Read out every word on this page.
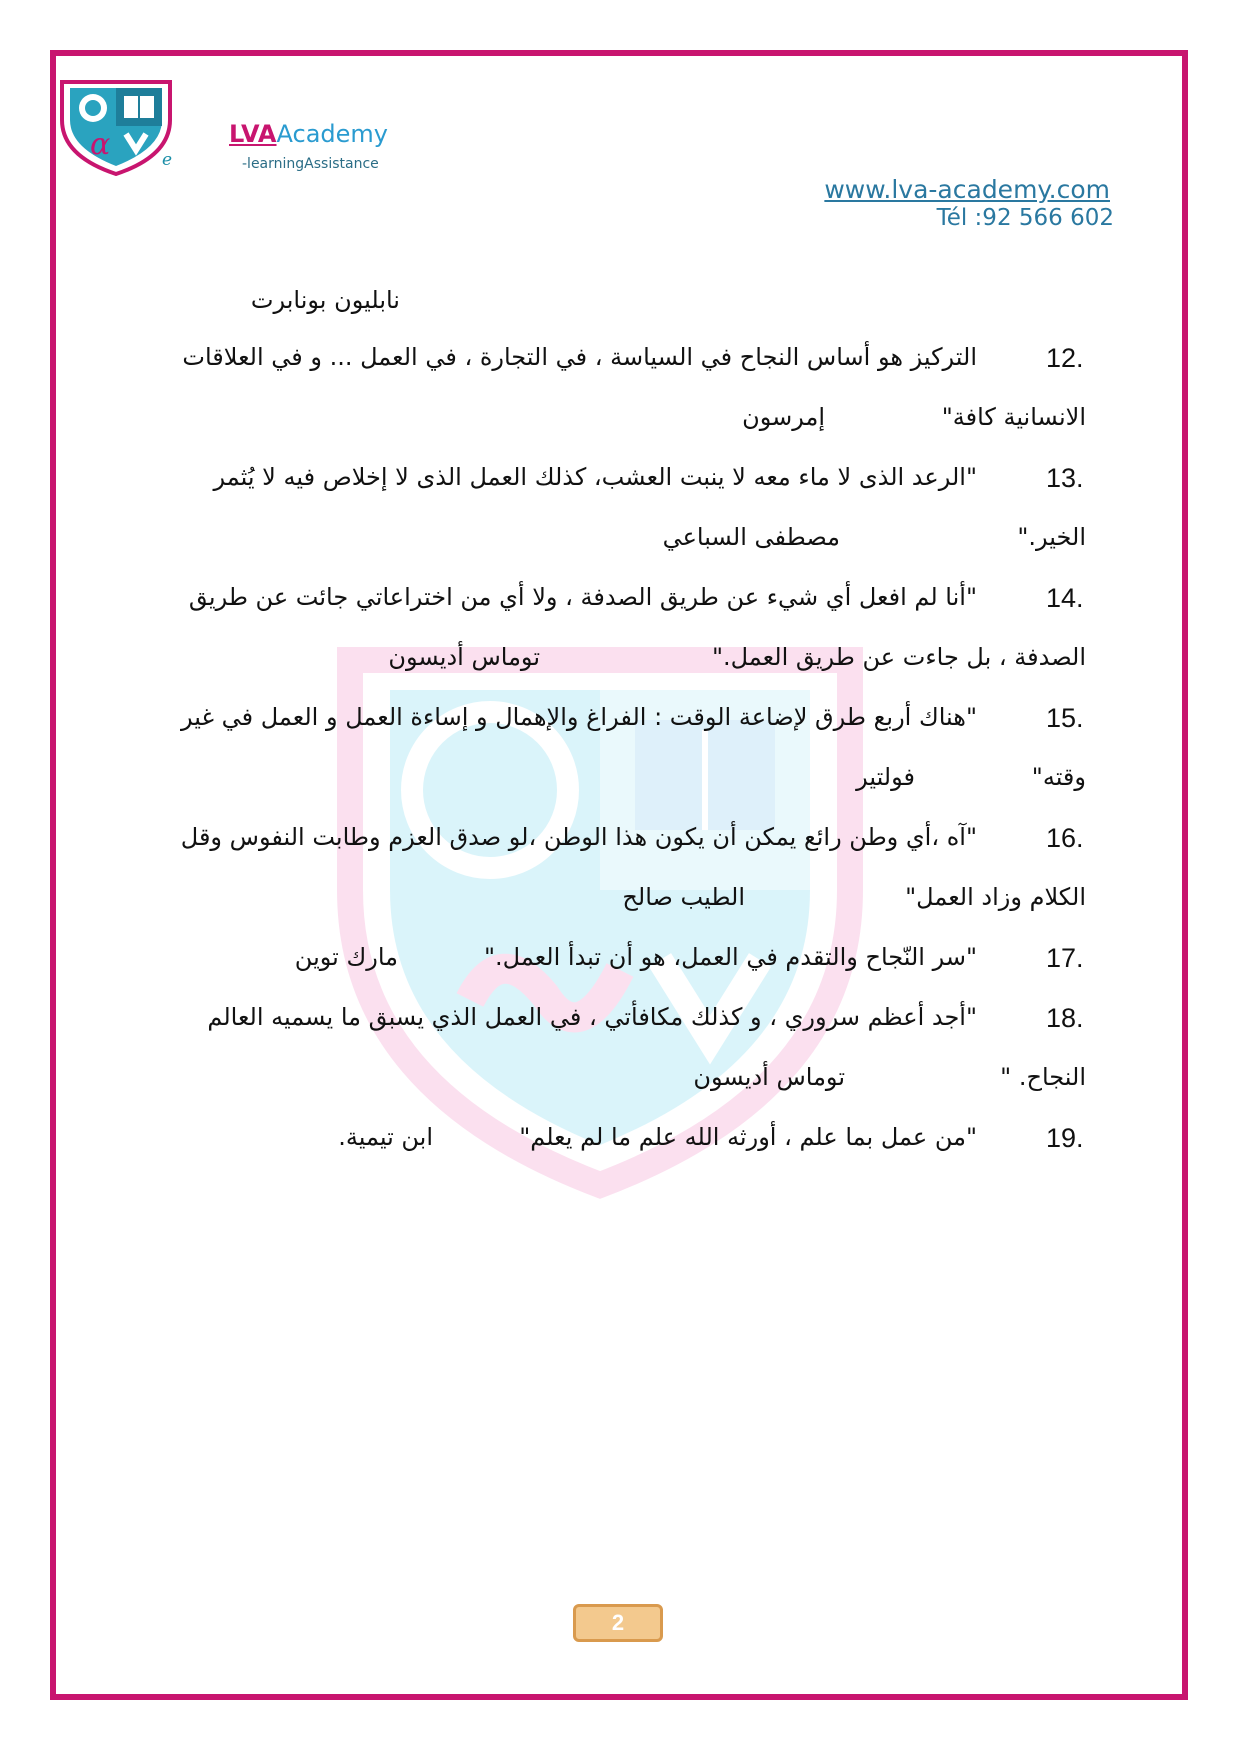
α	e
LVAAcademy
-learningAssistance
www.lva-academy.com
Tél :92 566 602
نابليون بونابرت
12.
التركيز هو أساس النجاح في السياسة ، في التجارة ، في العمل ... و في العلاقات
الانسانية كافة"
إمرسون
13.
"الرعد الذى لا ماء معه لا ينبت العشب، كذلك العمل الذى لا إخلاص فيه لا يُثمر
الخير."
مصطفى السباعي
14.
"أنا لم افعل أي شيء عن طريق الصدفة ، ولا أي من اختراعاتي جائت عن طريق
الصدفة ، بل جاءت عن طريق العمل."
توماس أديسون
15.
"هناك أربع طرق لإضاعة الوقت : الفراغ والإهمال و إساءة العمل و العمل في غير
وقته"
فولتير
16.
"آه ،أي وطن رائع يمكن أن يكون هذا الوطن ،لو صدق العزم وطابت النفوس وقل
الكلام وزاد العمل"
الطيب صالح
17.
"سر النّجاح والتقدم في العمل، هو أن تبدأ العمل."
مارك توين
18.
"أجد أعظم سروري ، و كذلك مكافأتي ، في العمل الذي يسبق ما يسميه العالم
النجاح. "
توماس أديسون
19.
"من عمل بما علم ، أورثه الله علم ما لم يعلم"
ابن تيمية.
2
